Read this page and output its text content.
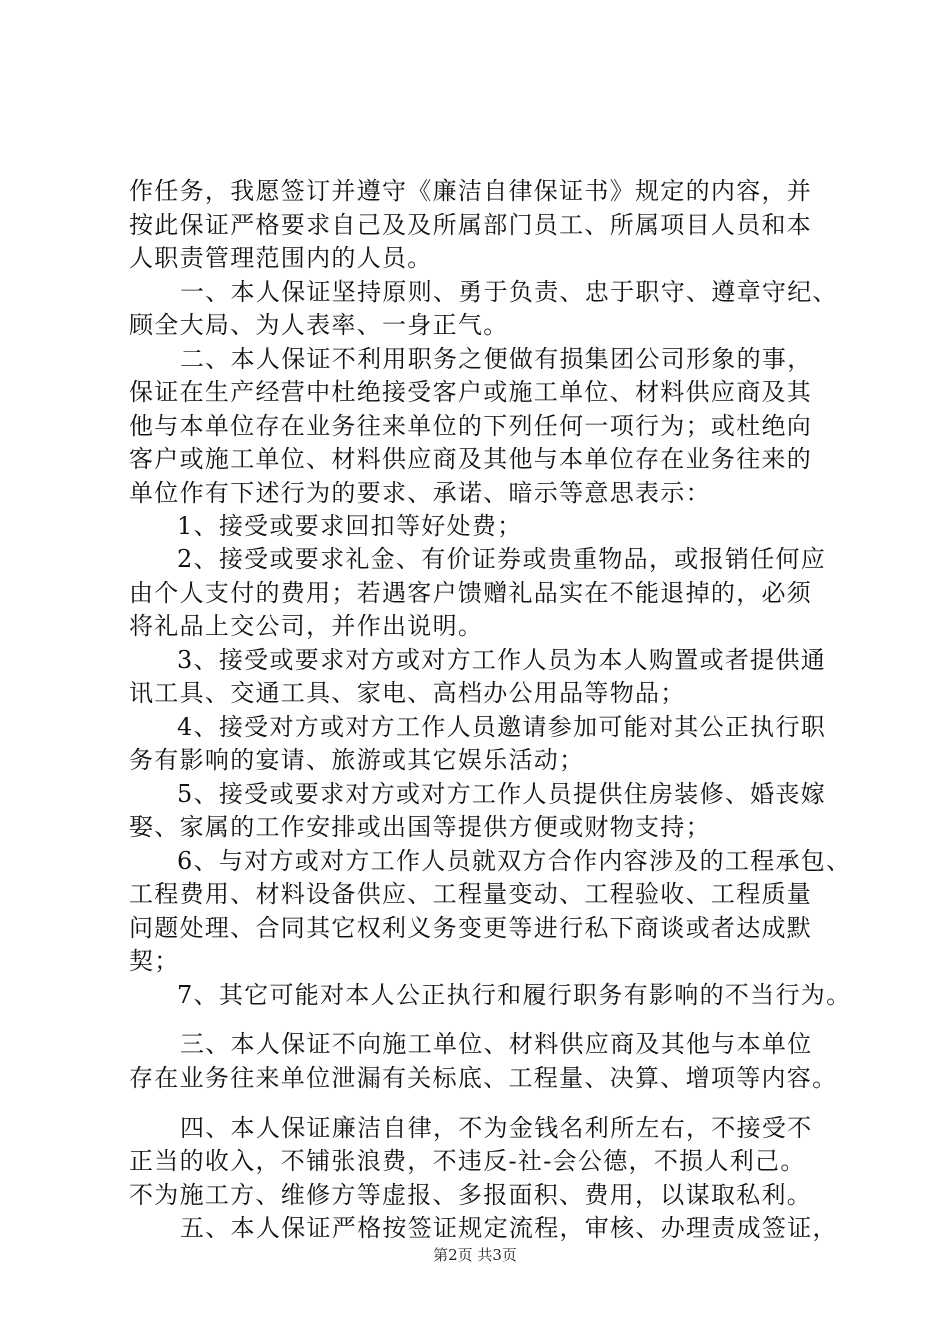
作任务，我愿签订并遵守《廉洁自律保证书》规定的内容，并
按此保证严格要求自己及及所属部门员工、所属项目人员和本
人职责管理范围内的人员。
一、本人保证坚持原则、勇于负责、忠于职守、遵章守纪、
顾全大局、为人表率、一身正气。
二、本人保证不利用职务之便做有损集团公司形象的事，
保证在生产经营中杜绝接受客户或施工单位、材料供应商及其
他与本单位存在业务往来单位的下列任何一项行为；或杜绝向
客户或施工单位、材料供应商及其他与本单位存在业务往来的
单位作有下述行为的要求、承诺、暗示等意思表示：
1、接受或要求回扣等好处费；
2、接受或要求礼金、有价证券或贵重物品，或报销任何应
由个人支付的费用；若遇客户馈赠礼品实在不能退掉的，必须
将礼品上交公司，并作出说明。
3、接受或要求对方或对方工作人员为本人购置或者提供通
讯工具、交通工具、家电、高档办公用品等物品；
4、接受对方或对方工作人员邀请参加可能对其公正执行职
务有影响的宴请、旅游或其它娱乐活动；
5、接受或要求对方或对方工作人员提供住房装修、婚丧嫁
娶、家属的工作安排或出国等提供方便或财物支持；
6、与对方或对方工作人员就双方合作内容涉及的工程承包、
工程费用、材料设备供应、工程量变动、工程验收、工程质量
问题处理、合同其它权利义务变更等进行私下商谈或者达成默
契；
7、其它可能对本人公正执行和履行职务有影响的不当行为。
三、本人保证不向施工单位、材料供应商及其他与本单位
存在业务往来单位泄漏有关标底、工程量、决算、增项等内容。
四、本人保证廉洁自律，不为金钱名利所左右，不接受不
正当的收入，不铺张浪费，不违反-社-会公德，不损人利己。
不为施工方、维修方等虚报、多报面积、费用，以谋取私利。
五、本人保证严格按签证规定流程，审核、办理责成签证，
第2页 共3页
